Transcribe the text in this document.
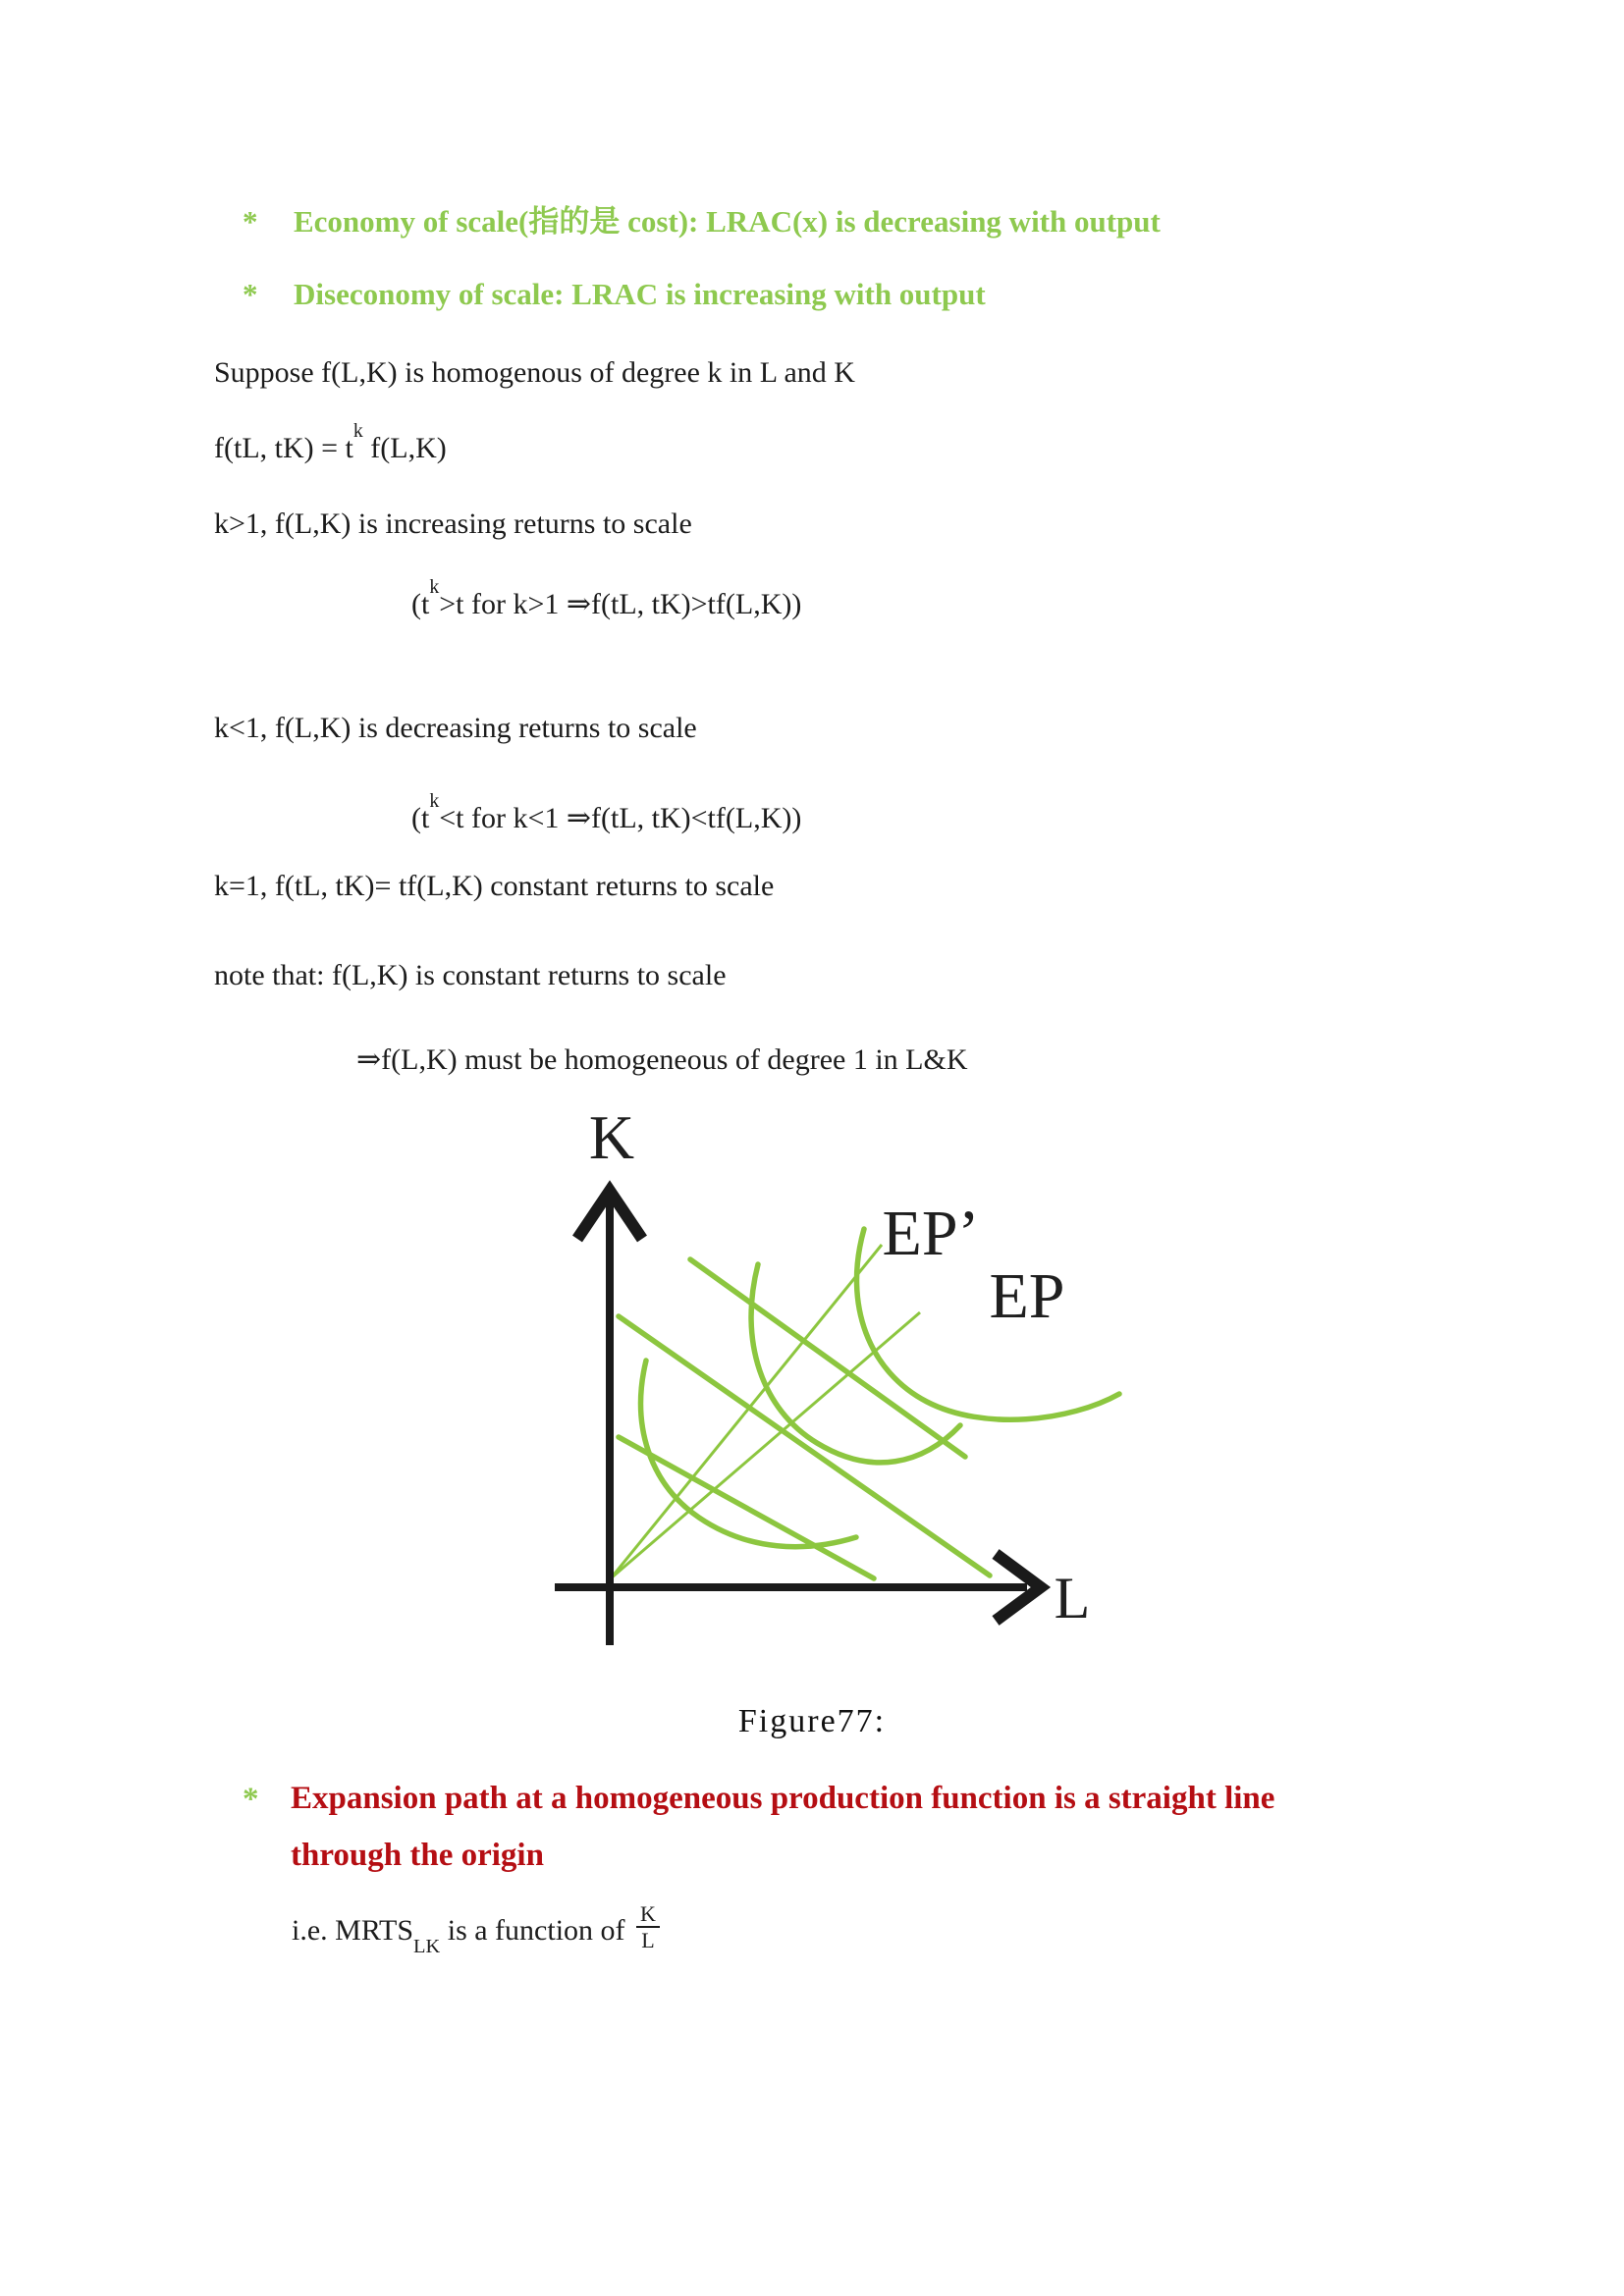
* Economy of scale(指的是 cost): LRAC(x) is decreasing with output
* Diseconomy of scale: LRAC is increasing with output
Suppose f(L,K) is homogenous of degree k in L and K
f(tL, $tK) = t^k$ f(L,K)
k>1, f(L,K) is increasing returns to scale
($t^k>t$ for k>1 ⇒f(tL, tK)>tf(L,K))
k<1, f(L,K) is decreasing returns to scale
($t^k<t$ for k<1 ⇒f(tL, tK)<tf(L,K))
k=1, f(tL, tK)= tf(L,K) constant returns to scale
note that: f(L,K) is constant returns to scale
⇒f(L,K) must be homogeneous of degree 1 in L&K
K
L
EP’
EP
Figure77:
* Expansion path at a homogeneous production function is a straight line
through the origin
i.e. $MRTS_{LK}$ is a function of $\frac{K}{L}$
